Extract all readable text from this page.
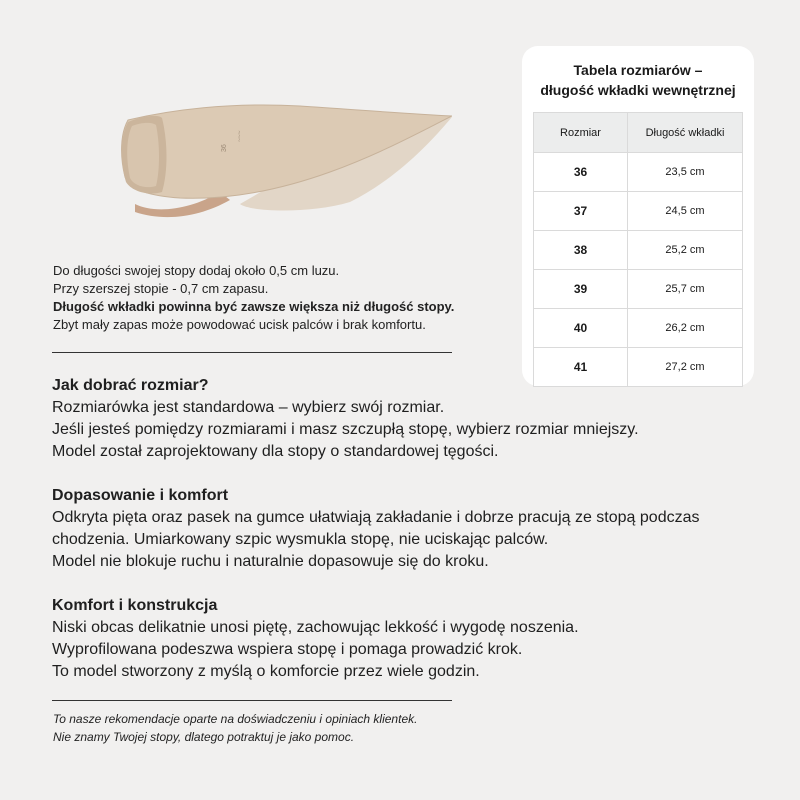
36
~~~
Do długości swojej stopy dodaj około 0,5 cm luzu.
Przy szerszej stopie - 0,7 cm zapasu.
Długość wkładki powinna być zawsze większa niż długość stopy.
Zbyt mały zapas może powodować ucisk palców i brak komfortu.
Jak dobrać rozmiar?
Rozmiarówka jest standardowa – wybierz swój rozmiar.
Jeśli jesteś pomiędzy rozmiarami i masz szczupłą stopę, wybierz rozmiar mniejszy.
Model został zaprojektowany dla stopy o standardowej tęgości.
Dopasowanie i komfort
Odkryta pięta oraz pasek na gumce ułatwiają zakładanie i dobrze pracują ze stopą podczas
chodzenia. Umiarkowany szpic wysmukla stopę, nie uciskając palców.
Model nie blokuje ruchu i naturalnie dopasowuje się do kroku.
Komfort i konstrukcja
Niski obcas delikatnie unosi piętę, zachowując lekkość i wygodę noszenia.
Wyprofilowana podeszwa wspiera stopę i pomaga prowadzić krok.
To model stworzony z myślą o komforcie przez wiele godzin.
To nasze rekomendacje oparte na doświadczeniu i opiniach klientek.
Nie znamy Twojej stopy, dlatego potraktuj je jako pomoc.
Tabela rozmiarów –
długość wkładki wewnętrznej
Rozmiar	Długość wkładki
36	23,5 cm
37	24,5 cm
38	25,2 cm
39	25,7 cm
40	26,2 cm
41	27,2 cm
